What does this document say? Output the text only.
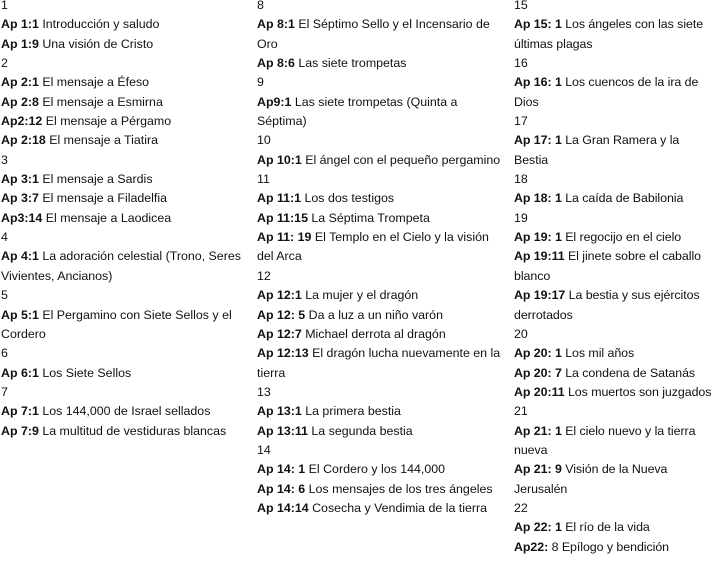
1
Ap 1:1 Introducción y saludo
Ap 1:9 Una visión de Cristo
2
Ap 2:1 El mensaje a Éfeso
Ap 2:8 El mensaje a Esmirna
Ap2:12 El mensaje a Pérgamo
Ap 2:18 El mensaje a Tiatira
3
Ap 3:1 El mensaje a Sardis
Ap 3:7 El mensaje a Filadelfia
Ap3:14 El mensaje a Laodicea
4
Ap 4:1 La adoración celestial (Trono, Seres Vivientes, Ancianos)
5
Ap 5:1 El Pergamino con Siete Sellos y el Cordero
6
Ap 6:1 Los Siete Sellos
7
Ap 7:1 Los 144,000 de Israel sellados
Ap 7:9 La multitud de vestiduras blancas
8
Ap 8:1 El Séptimo Sello y el Incensario de Oro
Ap 8:6 Las siete trompetas
9
Ap9:1 Las siete trompetas (Quinta a Séptima)
10
Ap 10:1 El ángel con el pequeño pergamino
11
Ap 11:1 Los dos testigos
Ap 11:15 La Séptima Trompeta
Ap 11: 19 El Templo en el Cielo y la visión del Arca
12
Ap 12:1 La mujer y el dragón
Ap 12: 5 Da a luz a un niño varón
Ap 12:7 Michael derrota al dragón
Ap 12:13 El dragón lucha nuevamente en la tierra
13
Ap 13:1 La primera bestia
Ap 13:11 La segunda bestia
14
Ap 14: 1 El Cordero y los 144,000
Ap 14: 6 Los mensajes de los tres ángeles
Ap 14:14 Cosecha y Vendimia de la tierra
15
Ap 15: 1 Los ángeles con las siete últimas plagas
16
Ap 16: 1 Los cuencos de la ira de Dios
17
Ap 17: 1 La Gran Ramera y la Bestia
18
Ap 18: 1 La caída de Babilonia
19
Ap 19: 1 El regocijo en el cielo
Ap 19:11 El jinete sobre el caballo blanco
Ap 19:17 La bestia y sus ejércitos derrotados
20
Ap 20: 1 Los mil años
Ap 20: 7 La condena de Satanás
Ap 20:11 Los muertos son juzgados
21
Ap 21: 1 El cielo nuevo y la tierra nueva
Ap 21: 9 Visión de la Nueva Jerusalén
22
Ap 22: 1 El río de la vida
Ap22: 8 Epílogo y bendición
